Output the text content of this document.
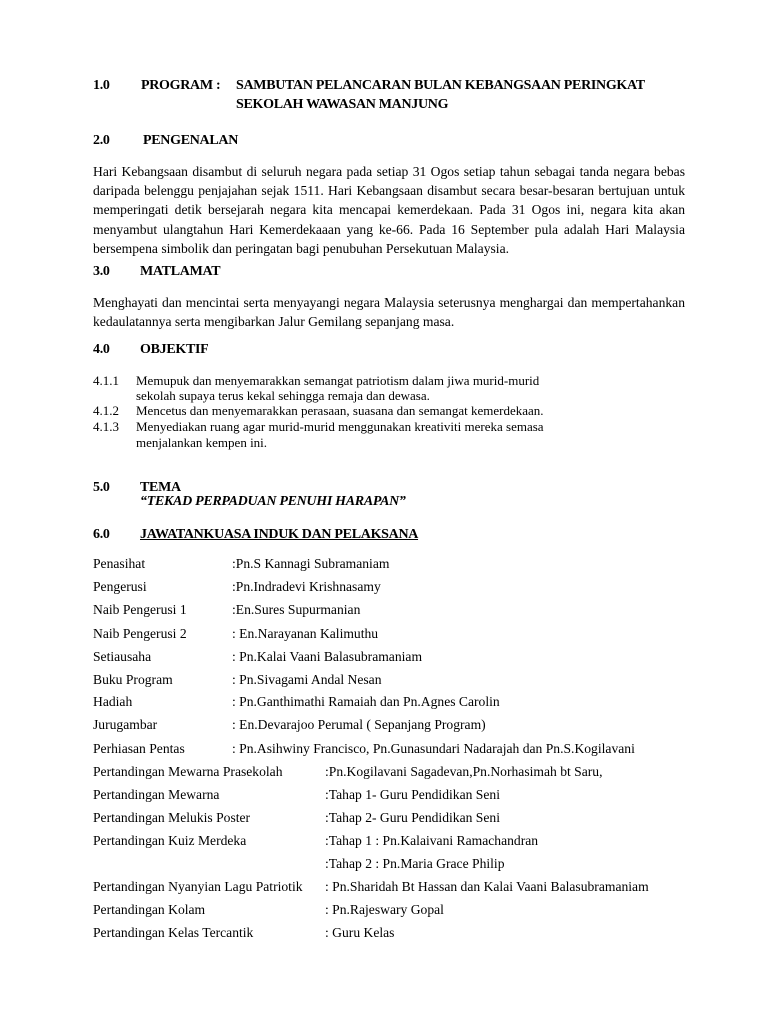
1.0 PROGRAM : SAMBUTAN PELANCARAN BULAN KEBANGSAAN PERINGKAT
SEKOLAH WAWASAN MANJUNG
2.0 PENGENALAN
Hari Kebangsaan disambut di seluruh negara pada setiap 31 Ogos setiap tahun sebagai tanda negara bebas daripada belenggu penjajahan sejak 1511. Hari Kebangsaan disambut secara besar-besaran bertujuan untuk memperingati detik bersejarah negara kita mencapai kemerdekaan. Pada 31 Ogos ini, negara kita akan menyambut ulangtahun Hari Kemerdekaaan yang ke-66. Pada 16 September pula adalah Hari Malaysia bersempena simbolik dan peringatan bagi penubuhan Persekutuan Malaysia.
3.0 MATLAMAT
Menghayati dan mencintai serta menyayangi negara Malaysia seterusnya menghargai dan mempertahankan kedaulatannya serta mengibarkan Jalur Gemilang sepanjang masa.
4.0 OBJEKTIF
4.1.1 Memupuk dan menyemarakkan semangat patriotism dalam jiwa murid-murid
sekolah supaya terus kekal sehingga remaja dan dewasa.
4.1.2 Mencetus dan menyemarakkan perasaan, suasana dan semangat kemerdekaan.
4.1.3 Menyediakan ruang agar murid-murid menggunakan kreativiti mereka semasa
menjalankan kempen ini.
5.0 TEMA
“TEKAD PERPADUAN PENUHI HARAPAN”
6.0 JAWATANKUASA INDUK DAN PELAKSANA
Penasihat	:Pn.S Kannagi Subramaniam
Pengerusi	:Pn.Indradevi Krishnasamy
Naib Pengerusi 1	:En.Sures Supurmanian
Naib Pengerusi 2	: En.Narayanan Kalimuthu
Setiausaha	: Pn.Kalai Vaani Balasubramaniam
Buku Program	: Pn.Sivagami Andal Nesan
Hadiah	: Pn.Ganthimathi Ramaiah dan Pn.Agnes Carolin
Jurugambar	: En.Devarajoo Perumal ( Sepanjang Program)
Perhiasan Pentas	: Pn.Asihwiny Francisco, Pn.Gunasundari Nadarajah dan Pn.S.Kogilavani
Pertandingan Mewarna Prasekolah	:Pn.Kogilavani Sagadevan,Pn.Norhasimah bt Saru,
Pertandingan Mewarna	:Tahap 1- Guru Pendidikan Seni
Pertandingan Melukis Poster	:Tahap 2- Guru Pendidikan Seni
Pertandingan Kuiz Merdeka	:Tahap 1 : Pn.Kalaivani Ramachandran
:Tahap 2 : Pn.Maria Grace Philip
Pertandingan Nyanyian Lagu Patriotik : Pn.Sharidah Bt Hassan dan Kalai Vaani Balasubramaniam
Pertandingan Kolam	: Pn.Rajeswary Gopal
Pertandingan Kelas Tercantik	: Guru Kelas
